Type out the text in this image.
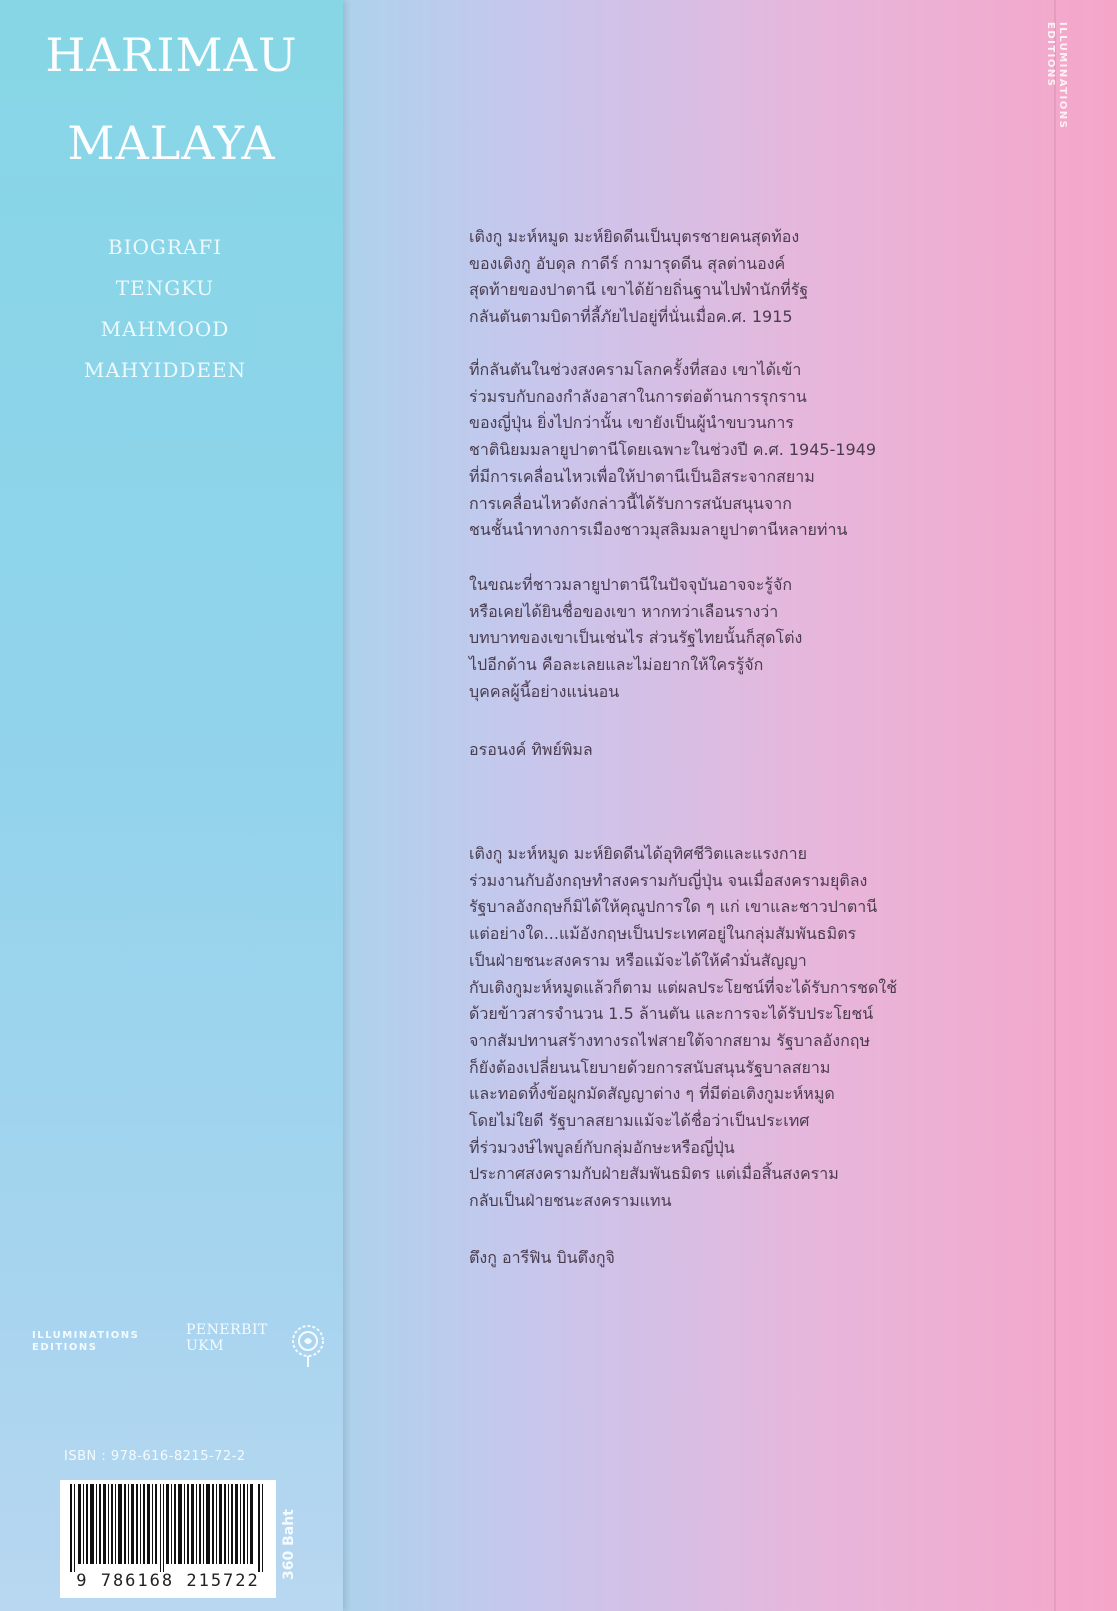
HARIMAU
MALAYA

BIOGRAFI

TENGKU

MAHMOOD

MAHYIDDEEN

ILLUMINATIONS
EDITIONS
PENERBIT
UKM
ISBN : 978-616-8215-72-2
9 786168 215722
360 Baht
ILLUMINATIONS
EDITIONS

เติงกู มะห์หมูด มะห์ยิดดีนเป็นบุตรชายคนสุดท้อง
ของเติงกู อับดุล กาดีร์ กามารุดดีน สุลต่านองค์
สุดท้ายของปาตานี เขาได้ย้ายถิ่นฐานไปพำนักที่รัฐ
กลันตันตามบิดาที่ลี้ภัยไปอยู่ที่นั่นเมื่อค.ศ. 1915

ที่กลันตันในช่วงสงครามโลกครั้งที่สอง เขาได้เข้า
ร่วมรบกับกองกำลังอาสาในการต่อต้านการรุกราน
ของญี่ปุ่น ยิ่งไปกว่านั้น เขายังเป็นผู้นำขบวนการ
ชาตินิยมมลายูปาตานีโดยเฉพาะในช่วงปี ค.ศ. 1945-1949
ที่มีการเคลื่อนไหวเพื่อให้ปาตานีเป็นอิสระจากสยาม
การเคลื่อนไหวดังกล่าวนี้ได้รับการสนับสนุนจาก
ชนชั้นนำทางการเมืองชาวมุสลิมมลายูปาตานีหลายท่าน

ในขณะที่ชาวมลายูปาตานีในปัจจุบันอาจจะรู้จัก
หรือเคยได้ยินชื่อของเขา หากทว่าเลือนรางว่า
บทบาทของเขาเป็นเช่นไร ส่วนรัฐไทยนั้นก็สุดโต่ง
ไปอีกด้าน คือละเลยและไม่อยากให้ใครรู้จัก
บุคคลผู้นี้อย่างแน่นอน

อรอนงค์ ทิพย์พิมล

เติงกู มะห์หมูด มะห์ยิดดีนได้อุทิศชีวิตและแรงกาย
ร่วมงานกับอังกฤษทำสงครามกับญี่ปุ่น จนเมื่อสงครามยุติลง
รัฐบาลอังกฤษก็มิได้ให้คุณูปการใด ๆ แก่ เขาและชาวปาตานี
แต่อย่างใด...แม้อังกฤษเป็นประเทศอยู่ในกลุ่มสัมพันธมิตร
เป็นฝ่ายชนะสงคราม หรือแม้จะได้ให้คำมั่นสัญญา
กับเติงกูมะห์หมูดแล้วก็ตาม แต่ผลประโยชน์ที่จะได้รับการชดใช้
ด้วยข้าวสารจำนวน 1.5 ล้านตัน และการจะได้รับประโยชน์
จากสัมปทานสร้างทางรถไฟสายใต้จากสยาม รัฐบาลอังกฤษ
ก็ยังต้องเปลี่ยนนโยบายด้วยการสนับสนุนรัฐบาลสยาม
และทอดทิ้งข้อผูกมัดสัญญาต่าง ๆ ที่มีต่อเติงกูมะห์หมูด
โดยไม่ใยดี รัฐบาลสยามแม้จะได้ชื่อว่าเป็นประเทศ
ที่ร่วมวงษ์ไพบูลย์กับกลุ่มอักษะหรือญี่ปุ่น
ประกาศสงครามกับฝ่ายสัมพันธมิตร แต่เมื่อสิ้นสงคราม
กลับเป็นฝ่ายชนะสงครามแทน

ตึงกู อารีฟิน บินตึงกูจิ
